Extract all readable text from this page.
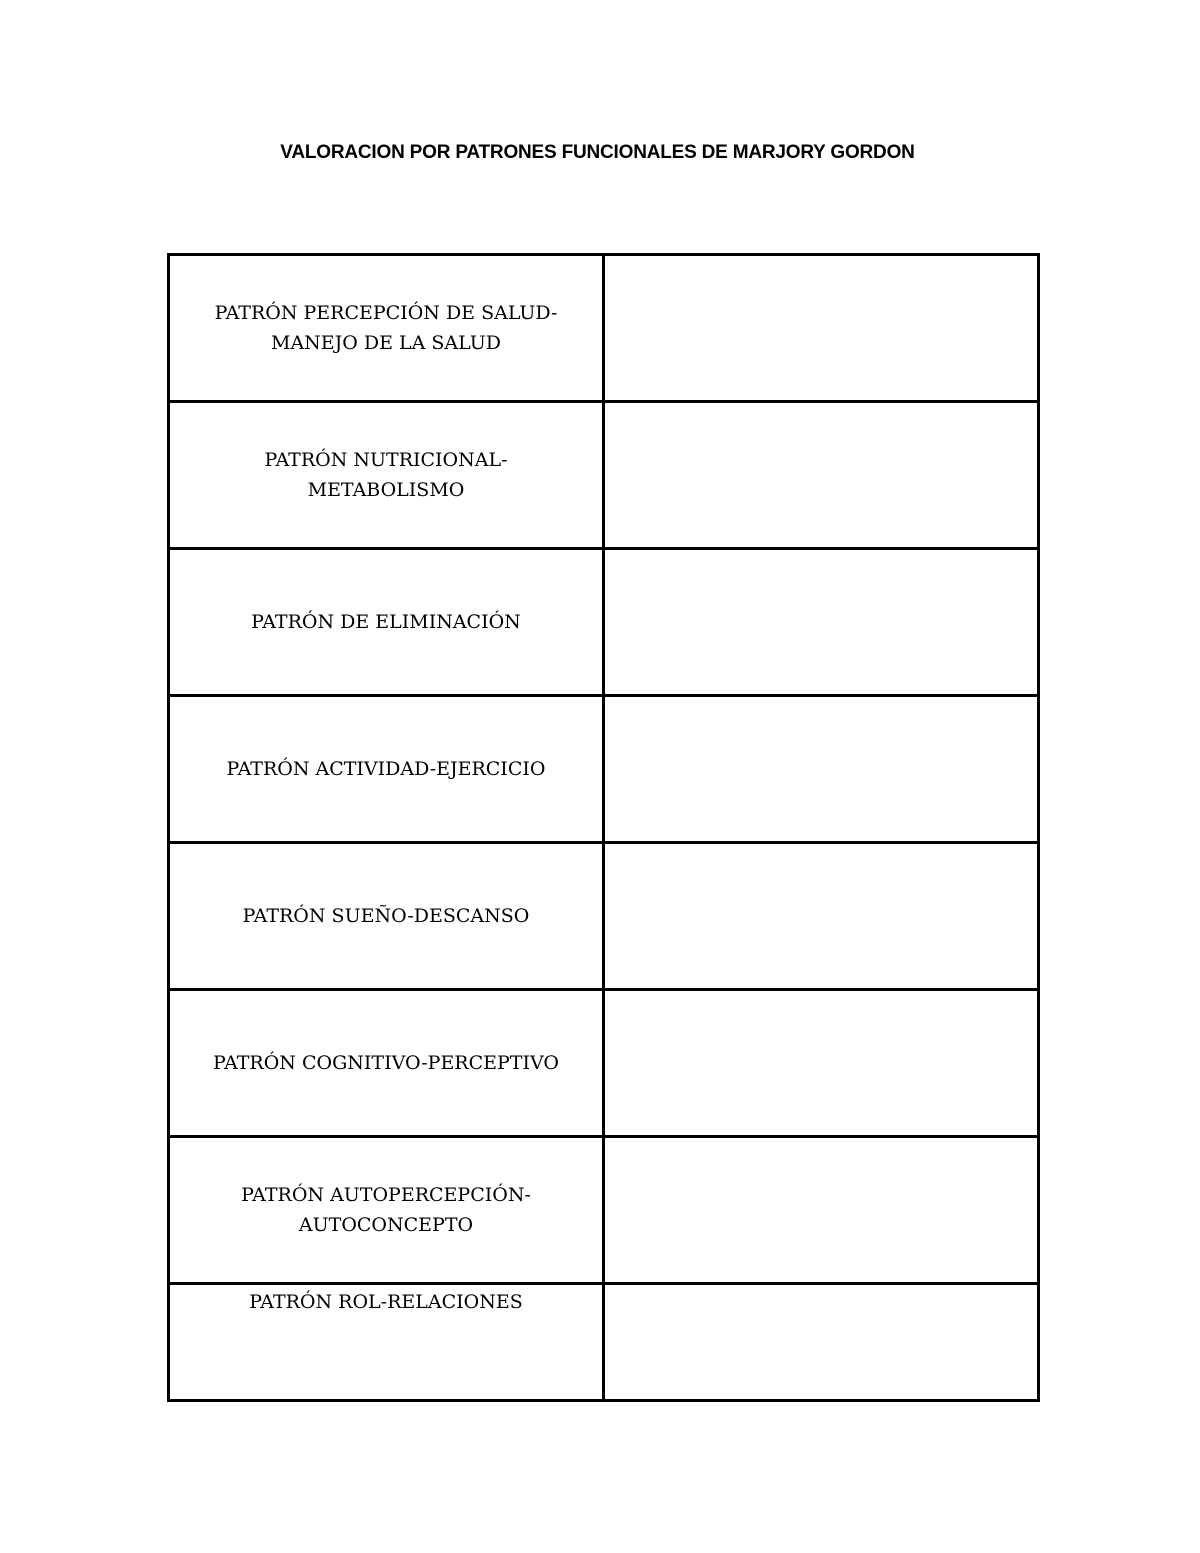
VALORACION POR PATRONES FUNCIONALES DE MARJORY GORDON
PATRÓN PERCEPCIÓN DE SALUD-
MANEJO DE LA SALUD	
PATRÓN NUTRICIONAL-
METABOLISMO	
PATRÓN DE ELIMINACIÓN	
PATRÓN ACTIVIDAD-EJERCICIO	
PATRÓN SUEÑO-DESCANSO	
PATRÓN COGNITIVO-PERCEPTIVO	
PATRÓN AUTOPERCEPCIÓN-
AUTOCONCEPTO	
PATRÓN ROL-RELACIONES	
